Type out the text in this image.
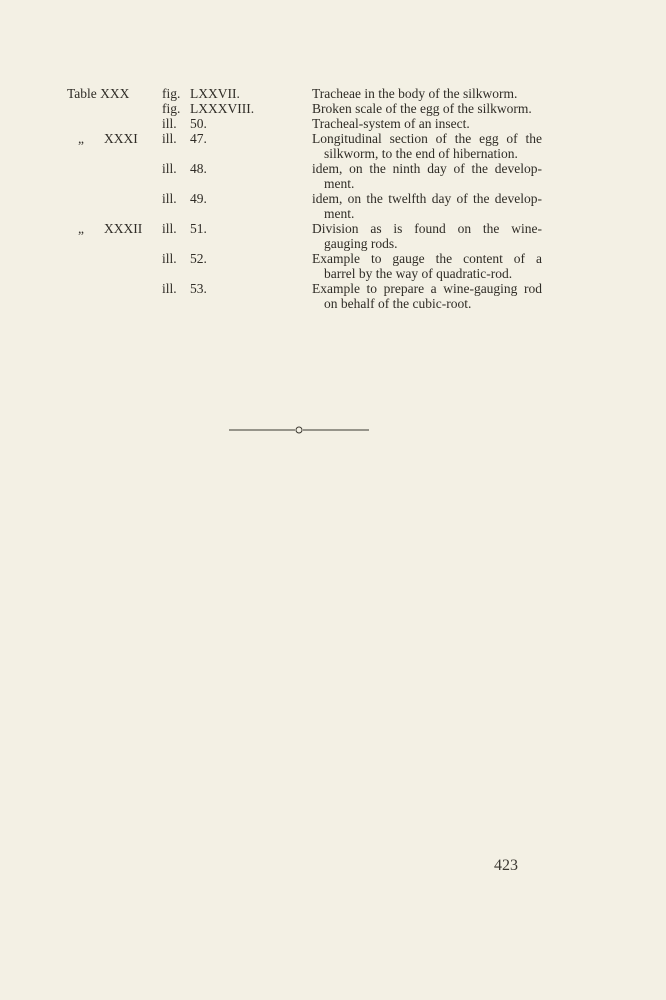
Table XXX fig. LXXVII.	Tracheae in the body of the silkworm.
fig. LXXXVIII.	Broken scale of the egg of the silkworm.
ill. 50.	Tracheal-system of an insect.
„ XXXI ill. 47.	Longitudinal section of the egg of the
silkworm, to the end of hibernation.
ill. 48.	idem, on the ninth day of the develop-
ment.
ill. 49.	idem, on the twelfth day of the develop-
ment.
„ XXXII ill. 51.	Division as is found on the wine-
gauging rods.
ill. 52.	Example to gauge the content of a
barrel by the way of quadratic-rod.
ill. 53.	Example to prepare a wine-gauging rod
on behalf of the cubic-root.
423
